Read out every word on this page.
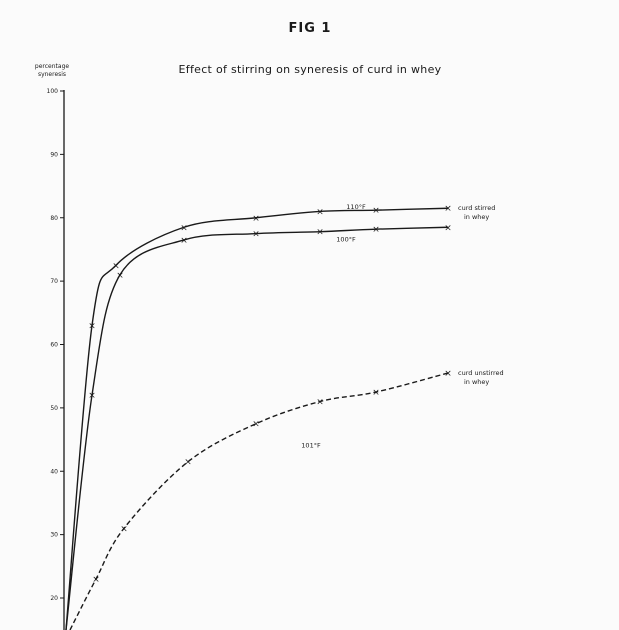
FIG 1
Effect of stirring on syneresis of curd in whey
percentage
syneresis
20
30
40
50
60
70
80
90
100
×
×
×
×
×	×	×
110°F	curd stirred
in whey
×
×
×
×	×	×	×
100°F
×
×
×
×
×
×
×
101°F
curd unstirred
in whey
